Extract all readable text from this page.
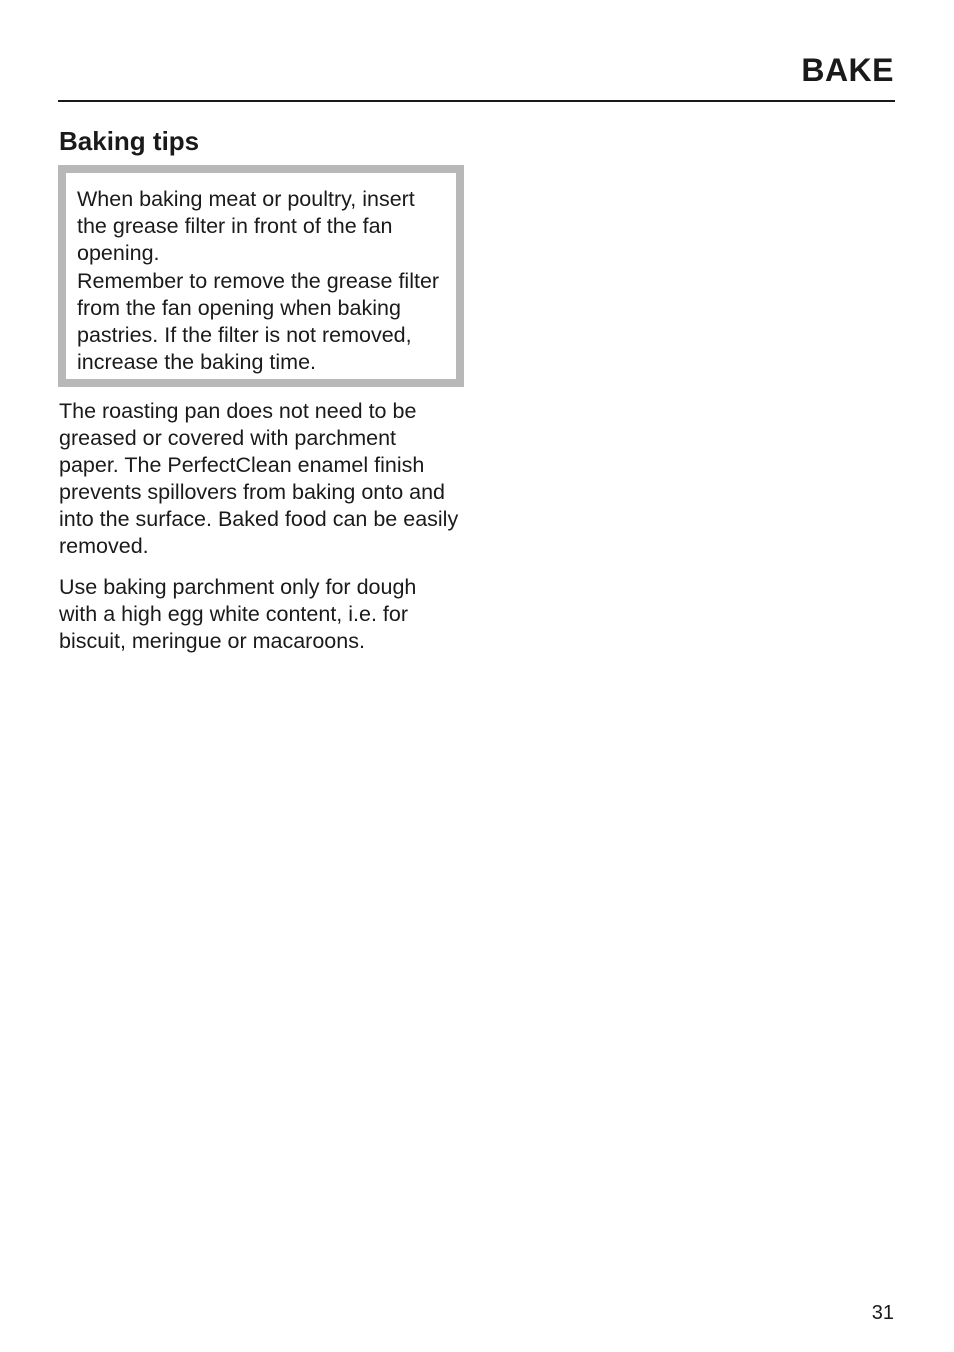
BAKE
Baking tips

When baking meat or poultry, insert the grease filter in front of the fan opening.

Remember to remove the grease filter from the fan opening when baking pastries. If the filter is not removed, increase the baking time.

The roasting pan does not need to be greased or covered with parchment paper. The PerfectClean enamel finish prevents spillovers from baking onto and into the surface. Baked food can be easily removed.

Use baking parchment only for dough with a high egg white content, i.e. for biscuit, meringue or macaroons.

31
